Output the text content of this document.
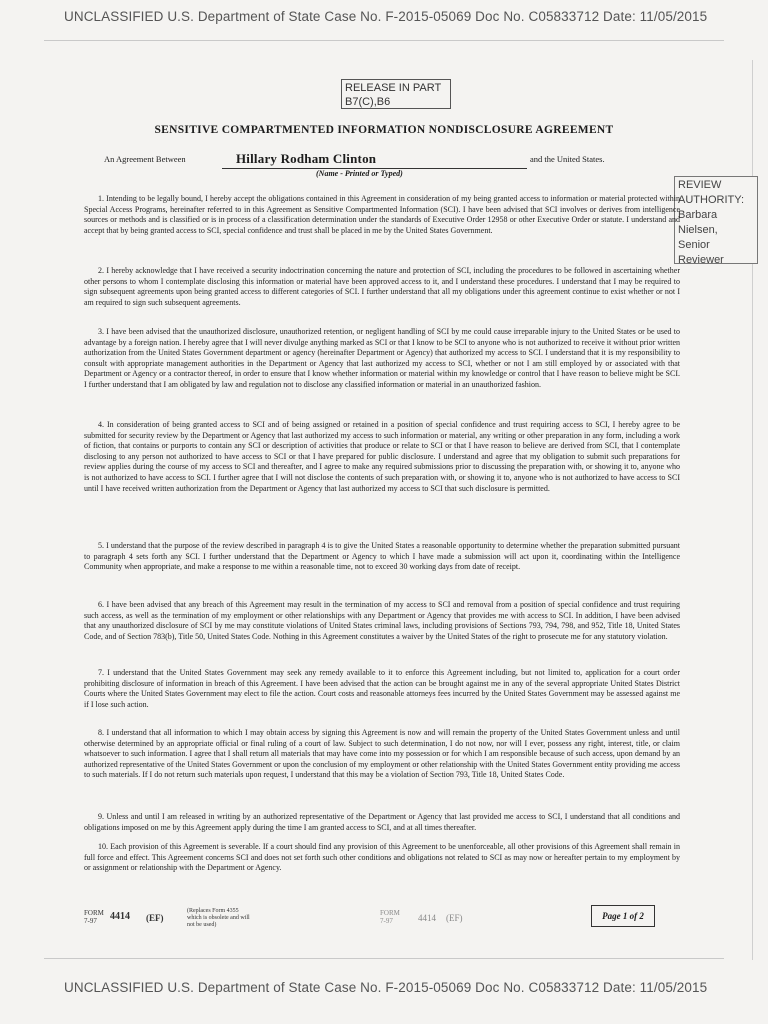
UNCLASSIFIED U.S. Department of State Case No. F-2015-05069 Doc No. C05833712 Date: 11/05/2015
RELEASE IN PART
B7(C),B6
REVIEW
AUTHORITY:
Barbara
Nielsen,
Senior
Reviewer
SENSITIVE COMPARTMENTED INFORMATION NONDISCLOSURE AGREEMENT
An Agreement Between	Hillary Rodham Clinton
(Name - Printed or Typed)
and the United States.
1. Intending to be legally bound, I hereby accept the obligations contained in this Agreement in consideration of my being granted access to information or material protected within Special Access Programs, hereinafter referred to in this Agreement as Sensitive Compartmented Information (SCI). I have been advised that SCI involves or derives from intelligence sources or methods and is classified or is in process of a classification determination under the standards of Executive Order 12958 or other Executive Order or statute. I understand and accept that by being granted access to SCI, special confidence and trust shall be placed in me by the United States Government.
2. I hereby acknowledge that I have received a security indoctrination concerning the nature and protection of SCI, including the procedures to be followed in ascertaining whether other persons to whom I contemplate disclosing this information or material have been approved access to it, and I understand these procedures. I understand that I may be required to sign subsequent agreements upon being granted access to different categories of SCI. I further understand that all my obligations under this agreement continue to exist whether or not I am required to sign such subsequent agreements.
3. I have been advised that the unauthorized disclosure, unauthorized retention, or negligent handling of SCI by me could cause irreparable injury to the United States or be used to advantage by a foreign nation. I hereby agree that I will never divulge anything marked as SCI or that I know to be SCI to anyone who is not authorized to receive it without prior written authorization from the United States Government department or agency (hereinafter Department or Agency) that authorized my access to SCI. I understand that it is my responsibility to consult with appropriate management authorities in the Department or Agency that last authorized my access to SCI, whether or not I am still employed by or associated with that Department or Agency or a contractor thereof, in order to ensure that I know whether information or material within my knowledge or control that I have reason to believe might be SCI. I further understand that I am obligated by law and regulation not to disclose any classified information or material in an unauthorized fashion.
4. In consideration of being granted access to SCI and of being assigned or retained in a position of special confidence and trust requiring access to SCI, I hereby agree to be submitted for security review by the Department or Agency that last authorized my access to such information or material, any writing or other preparation in any form, including a work of fiction, that contains or purports to contain any SCI or description of activities that produce or relate to SCI or that I have reason to believe are derived from SCI, that I contemplate disclosing to any person not authorized to have access to SCI or that I have prepared for public disclosure. I understand and agree that my obligation to submit such preparations for review applies during the course of my access to SCI and thereafter, and I agree to make any required submissions prior to discussing the preparation with, or showing it to, anyone who is not authorized to have access to SCI. I further agree that I will not disclose the contents of such preparation with, or showing it to, anyone who is not authorized to have access to SCI until I have received written authorization from the Department or Agency that last authorized my access to SCI that such disclosure is permitted.
5. I understand that the purpose of the review described in paragraph 4 is to give the United States a reasonable opportunity to determine whether the preparation submitted pursuant to paragraph 4 sets forth any SCI. I further understand that the Department or Agency to which I have made a submission will act upon it, coordinating within the Intelligence Community when appropriate, and make a response to me within a reasonable time, not to exceed 30 working days from date of receipt.
6. I have been advised that any breach of this Agreement may result in the termination of my access to SCI and removal from a position of special confidence and trust requiring such access, as well as the termination of my employment or other relationships with any Department or Agency that provides me with access to SCI. In addition, I have been advised that any unauthorized disclosure of SCI by me may constitute violations of United States criminal laws, including provisions of Sections 793, 794, 798, and 952, Title 18, United States Code, and of Section 783(b), Title 50, United States Code. Nothing in this Agreement constitutes a waiver by the United States of the right to prosecute me for any statutory violation.
7. I understand that the United States Government may seek any remedy available to it to enforce this Agreement including, but not limited to, application for a court order prohibiting disclosure of information in breach of this Agreement. I have been advised that the action can be brought against me in any of the several appropriate United States District Courts where the United States Government may elect to file the action. Court costs and reasonable attorneys fees incurred by the United States Government may be assessed against me if I lose such action.
8. I understand that all information to which I may obtain access by signing this Agreement is now and will remain the property of the United States Government unless and until otherwise determined by an appropriate official or final ruling of a court of law. Subject to such determination, I do not now, nor will I ever, possess any right, interest, title, or claim whatsoever to such information. I agree that I shall return all materials that may have come into my possession or for which I am responsible because of such access, upon demand by an authorized representative of the United States Government or upon the conclusion of my employment or other relationship with the United States Government entity providing me access to such materials. If I do not return such materials upon request, I understand that this may be a violation of Section 793, Title 18, United States Code.
9. Unless and until I am released in writing by an authorized representative of the Department or Agency that last provided me access to SCI, I understand that all conditions and obligations imposed on me by this Agreement apply during the time I am granted access to SCI, and at all times thereafter.
10. Each provision of this Agreement is severable. If a court should find any provision of this Agreement to be unenforceable, all other provisions of this Agreement shall remain in full force and effect. This Agreement concerns SCI and does not set forth such other conditions and obligations not related to SCI as may now or hereafter pertain to my employment by or assignment or relationship with the Department or Agency.
FORM
7-97 4414 (EF)
(Replaces Form 4355 which is obsolete and will not be used)
FORM
7-97	4414 (EF)	Page 1 of 2
UNCLASSIFIED U.S. Department of State Case No. F-2015-05069 Doc No. C05833712 Date: 11/05/2015
